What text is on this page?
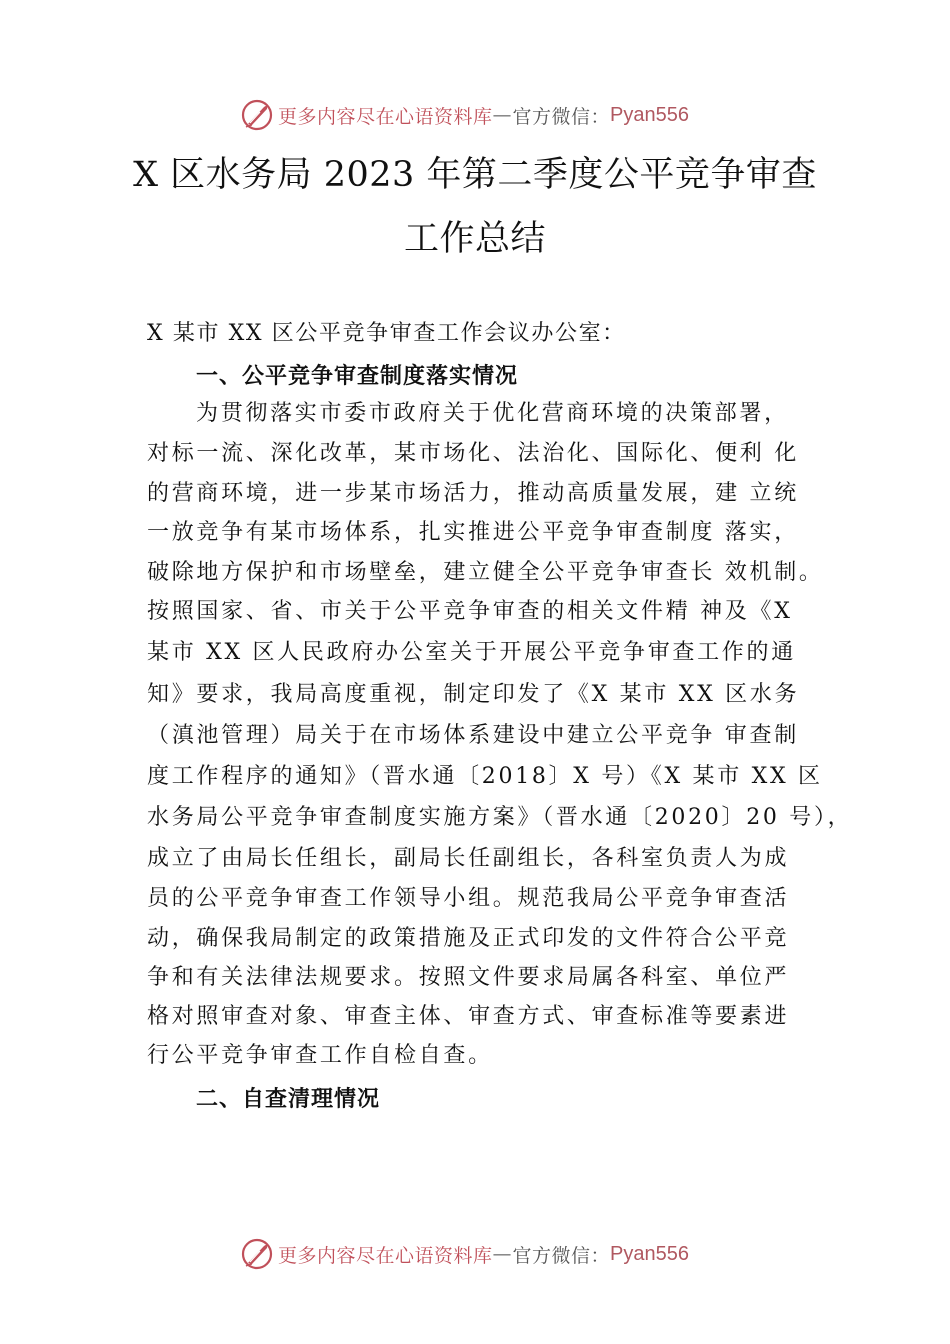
更多内容尽在心语资料库 — 官方微信： Pyan556
X 区水务局 2023 年第二季度公平竞争审查
工作总结
X 某市 XX 区公平竞争审查工作会议办公室：
一、公平竞争审查制度落实情况
为贯彻落实市委市政府关于优化营商环境的决策部署，
对标一流、深化改革，某市场化、法治化、国际化、便利 化
的营商环境，进一步某市场活力，推动高质量发展，建 立统
一放竞争有某市场体系，扎实推进公平竞争审查制度 落实，
破除地方保护和市场壁垒，建立健全公平竞争审查长 效机制。
按照国家、省、市关于公平竞争审查的相关文件精 神及《X
某市 XX 区人民政府办公室关于开展公平竞争审查工作的通
知》要求，我局高度重视，制定印发了《X 某市 XX 区水务
（滇池管理）局关于在市场体系建设中建立公平竞争 审查制
度工作程序的通知》（晋水通〔2018〕X 号）《X 某市 XX 区
水务局公平竞争审查制度实施方案》（晋水通〔2020〕20 号），
成立了由局长任组长，副局长任副组长，各科室负责人为成
员的公平竞争审查工作领导小组。规范我局公平竞争审查活
动，确保我局制定的政策措施及正式印发的文件符合公平竞
争和有关法律法规要求。按照文件要求局属各科室、单位严
格对照审查对象、审查主体、审查方式、审查标准等要素进
行公平竞争审查工作自检自查。
二、自查清理情况
更多内容尽在心语资料库 — 官方微信： Pyan556
